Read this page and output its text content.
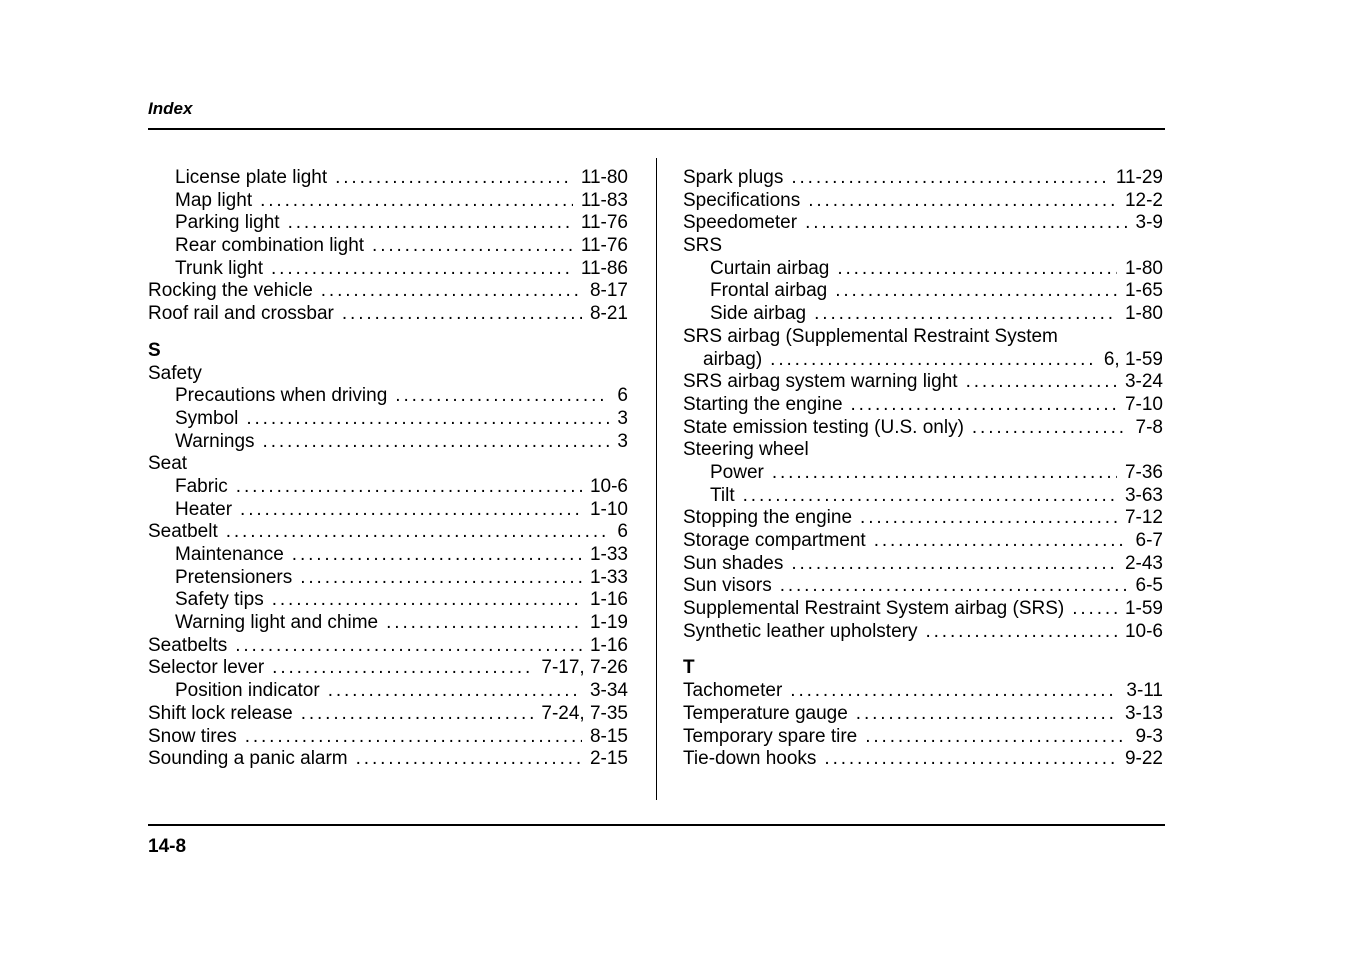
Index
14-8
License plate light . . .	11-80
Map light . . .	11-83
Parking light . . .	11-76
Rear combination light . . .	11-76
Trunk light . . .	11-86
Rocking the vehicle . . .	8-17
Roof rail and crossbar . . .	8-21
S
Safety
Precautions when driving . . .	6
Symbol . . .	3
Warnings . . .	3
Seat
Fabric . . .	10-6
Heater . . .	1-10
Seatbelt . . .	6
Maintenance . . .	1-33
Pretensioners . . .	1-33
Safety tips . . .	1-16
Warning light and chime . . .	1-19
Seatbelts . . .	1-16
Selector lever . . .	7-17, 7-26
Position indicator . . .	3-34
Shift lock release . . .	7-24, 7-35
Snow tires . . .	8-15
Sounding a panic alarm . . .	2-15
Spark plugs . . .	11-29
Specifications . . .	12-2
Speedometer . . .	3-9
SRS
Curtain airbag . . .	1-80
Frontal airbag . . .	1-65
Side airbag . . .	1-80
SRS airbag (Supplemental Restraint System
airbag) . . .	6, 1-59
SRS airbag system warning light . . .	3-24
Starting the engine . . .	7-10
State emission testing (U.S. only) . . .	7-8
Steering wheel
Power . . .	7-36
Tilt . . .	3-63
Stopping the engine . . .	7-12
Storage compartment . . .	6-7
Sun shades . . .	2-43
Sun visors . . .	6-5
Supplemental Restraint System airbag (SRS) . . .	1-59
Synthetic leather upholstery . . .	10-6
T
Tachometer . . .	3-11
Temperature gauge . . .	3-13
Temporary spare tire . . .	9-3
Tie-down hooks . . .	9-22
